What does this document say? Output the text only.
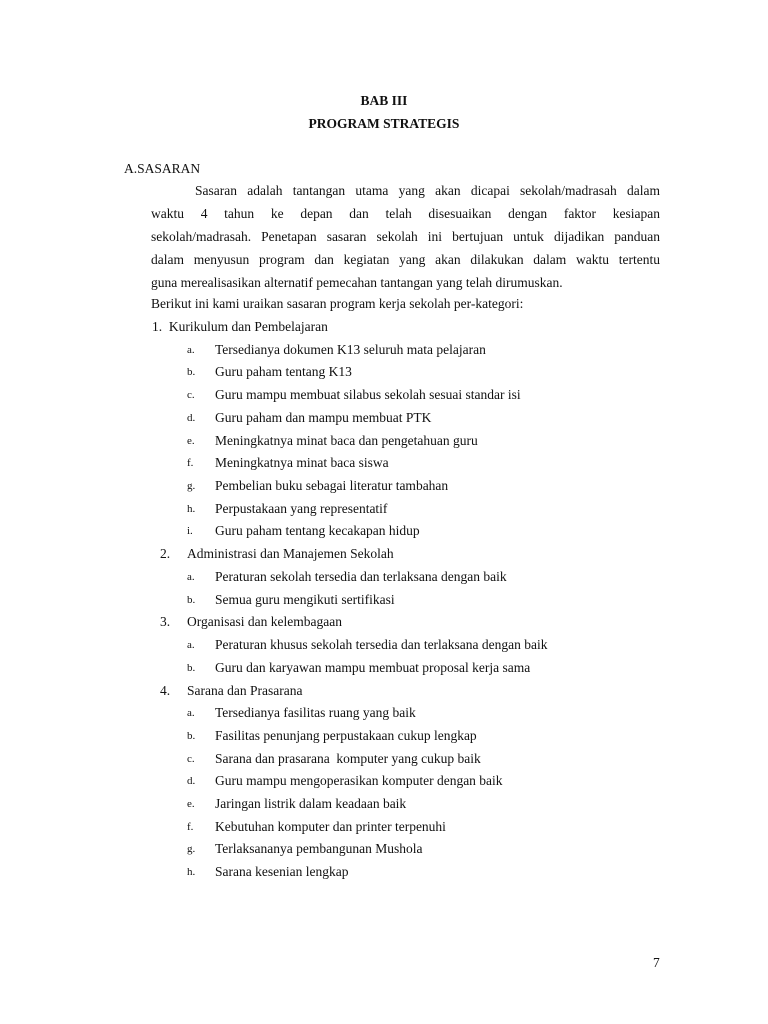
BAB III
PROGRAM STRATEGIS
A.SASARAN
Sasaran adalah tantangan utama yang akan dicapai sekolah/madrasah dalam
waktu 4 tahun ke depan dan telah disesuaikan dengan faktor kesiapan
sekolah/madrasah. Penetapan sasaran sekolah ini bertujuan untuk dijadikan panduan
dalam menyusun program dan kegiatan yang akan dilakukan dalam waktu tertentu
guna merealisasikan alternatif pemecahan tantangan yang telah dirumuskan.
Berikut ini kami uraikan sasaran program kerja sekolah per-kategori:
1. Kurikulum dan Pembelajaran
a. Tersedianya dokumen K13 seluruh mata pelajaran
b. Guru paham tentang K13
c. Guru mampu membuat silabus sekolah sesuai standar isi
d. Guru paham dan mampu membuat PTK
e. Meningkatnya minat baca dan pengetahuan guru
f. Meningkatnya minat baca siswa
g. Pembelian buku sebagai literatur tambahan
h. Perpustakaan yang representatif
i. Guru paham tentang kecakapan hidup
2. Administrasi dan Manajemen Sekolah
a. Peraturan sekolah tersedia dan terlaksana dengan baik
b. Semua guru mengikuti sertifikasi
3. Organisasi dan kelembagaan
a. Peraturan khusus sekolah tersedia dan terlaksana dengan baik
b. Guru dan karyawan mampu membuat proposal kerja sama
4. Sarana dan Prasarana
a. Tersedianya fasilitas ruang yang baik
b. Fasilitas penunjang perpustakaan cukup lengkap
c. Sarana dan prasarana  komputer yang cukup baik
d. Guru mampu mengoperasikan komputer dengan baik
e. Jaringan listrik dalam keadaan baik
f. Kebutuhan komputer dan printer terpenuhi
g. Terlaksananya pembangunan Mushola
h. Sarana kesenian lengkap
7
